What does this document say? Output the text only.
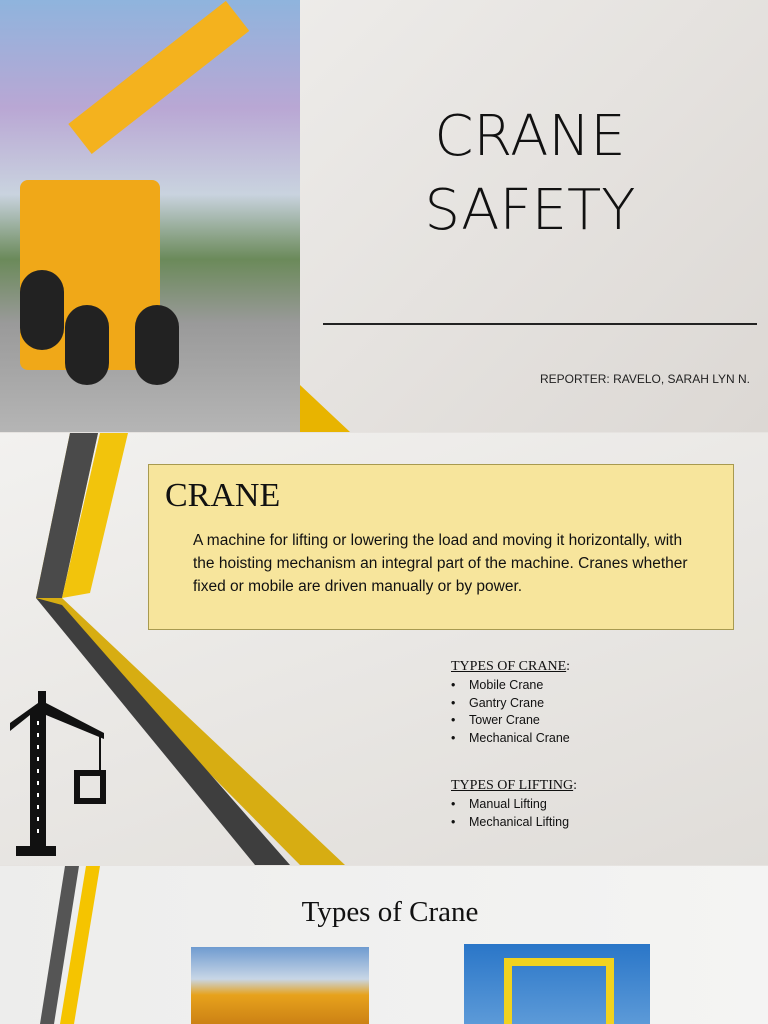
CRANE
SAFETY
REPORTER: RAVELO, SARAH LYN N.
CRANE

A machine for lifting or lowering the load and moving it horizontally, with the hoisting mechanism an integral part of the machine. Cranes whether fixed or mobile are driven manually or by power.

TYPES OF CRANE:
• Mobile Crane
• Gantry Crane
• Tower Crane
• Mechanical Crane
TYPES OF LIFTING:
• Manual Lifting
• Mechanical Lifting
Types of Crane
